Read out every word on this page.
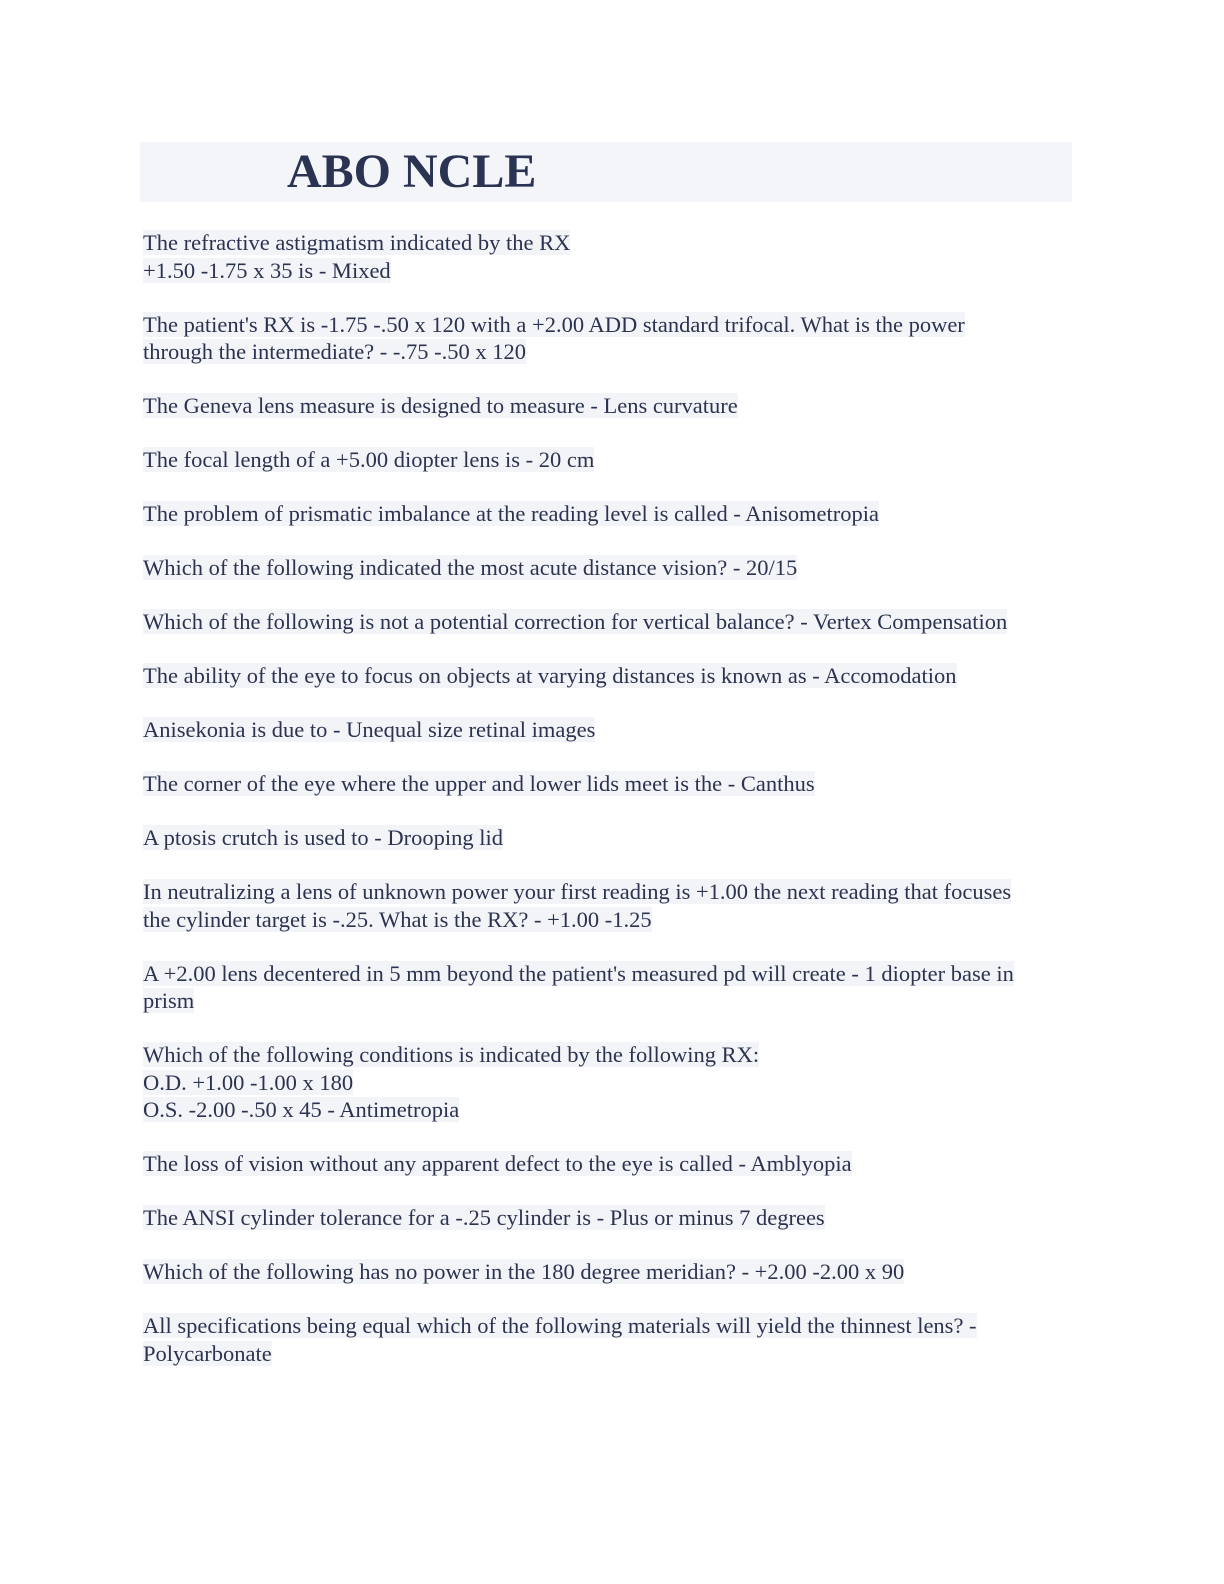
ABO NCLE

The refractive astigmatism indicated by the RX
+1.50 -1.75 x 35 is - Mixed

The patient's RX is -1.75 -.50 x 120 with a +2.00 ADD standard trifocal. What is the power
through the intermediate? - -.75 -.50 x 120

The Geneva lens measure is designed to measure - Lens curvature

The focal length of a +5.00 diopter lens is - 20 cm

The problem of prismatic imbalance at the reading level is called - Anisometropia

Which of the following indicated the most acute distance vision? - 20/15

Which of the following is not a potential correction for vertical balance? - Vertex Compensation

The ability of the eye to focus on objects at varying distances is known as - Accomodation

Anisekonia is due to - Unequal size retinal images

The corner of the eye where the upper and lower lids meet is the - Canthus

A ptosis crutch is used to - Drooping lid

In neutralizing a lens of unknown power your first reading is +1.00 the next reading that focuses
the cylinder target is -.25. What is the RX? - +1.00 -1.25

A +2.00 lens decentered in 5 mm beyond the patient's measured pd will create - 1 diopter base in
prism

Which of the following conditions is indicated by the following RX:
O.D. +1.00 -1.00 x 180
O.S. -2.00 -.50 x 45 - Antimetropia

The loss of vision without any apparent defect to the eye is called - Amblyopia

The ANSI cylinder tolerance for a -.25 cylinder is - Plus or minus 7 degrees

Which of the following has no power in the 180 degree meridian? - +2.00 -2.00 x 90

All specifications being equal which of the following materials will yield the thinnest lens? -
Polycarbonate
